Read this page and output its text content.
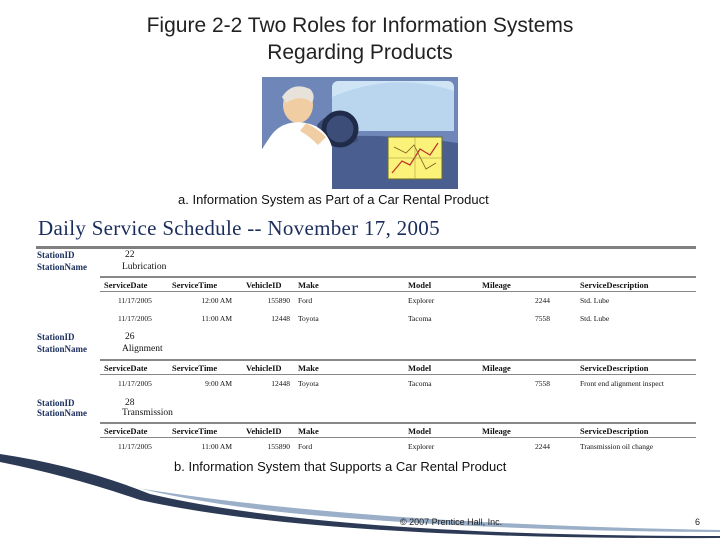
Figure 2-2 Two Roles for Information Systems
Regarding Products
a. Information System as Part of a Car Rental Product
Daily Service Schedule -- November 17, 2005
StationID	22
StationName	Lubrication
ServiceDate	ServiceTime	VehicleID Make	Model	Mileage	ServiceDescription
11/17/2005	12:00 AM	155890 Ford	Explorer	2244	Std. Lube
11/17/2005	11:00 AM	12448 Toyota	Tacoma	7558	Std. Lube
StationID	26
StationName	Alignment
ServiceDate	ServiceTime	VehicleID Make	Model	Mileage	ServiceDescription
11/17/2005	9:00 AM	12448 Toyota	Tacoma	7558	Front end alignment inspect
StationID	28
StationName	Transmission
ServiceDate	ServiceTime	VehicleID Make	Model	Mileage	ServiceDescription
11/17/2005	11:00 AM	155890 Ford	Explorer	2244	Transmission oil change
b. Information System that Supports a Car Rental Product
© 2007 Prentice Hall, Inc.	6
